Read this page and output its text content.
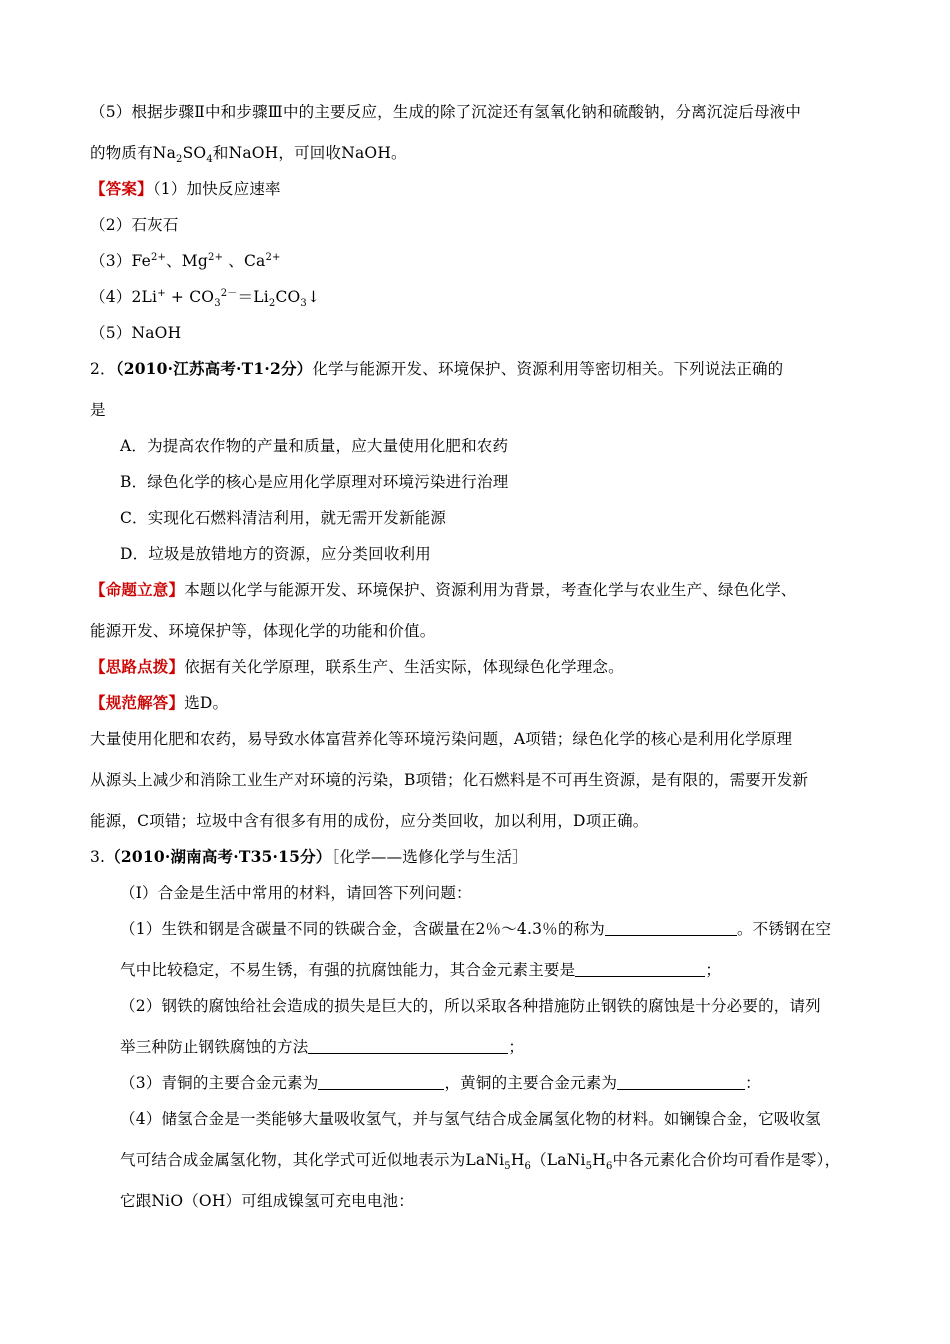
（5）根据步骤Ⅱ中和步骤Ⅲ中的主要反应，生成的除了沉淀还有氢氧化钠和硫酸钠，分离沉淀后母液中
的物质有$Na_2SO_4$和NaOH，可回收NaOH。
【答案】（1）加快反应速率
（2）石灰石
$(3)Fe^{2+}$、$Mg^{2+}$ 、$Ca^{2+}$
$(4)2Li^+ + CO_3^{2-}=Li_2CO_3↓$
（5）NaOH
2．（2010·江苏高考·T1·2分）化学与能源开发、环境保护、资源利用等密切相关。下列说法正确的
是
A．为提高农作物的产量和质量，应大量使用化肥和农药
B．绿色化学的核心是应用化学原理对环境污染进行治理
C．实现化石燃料清洁利用，就无需开发新能源
D．垃圾是放错地方的资源，应分类回收利用
【命题立意】本题以化学与能源开发、环境保护、资源利用为背景，考查化学与农业生产、绿色化学、
能源开发、环境保护等，体现化学的功能和价值。
【思路点拨】依据有关化学原理，联系生产、生活实际，体现绿色化学理念。
【规范解答】选D。
大量使用化肥和农药，易导致水体富营养化等环境污染问题，A项错；绿色化学的核心是利用化学原理
从源头上减少和消除工业生产对环境的污染，B项错；化石燃料是不可再生资源，是有限的，需要开发新
能源，C项错；垃圾中含有很多有用的成份，应分类回收，加以利用，D项正确。
3.（2010·湖南高考·T35·15分）［化学——选修化学与生活］
（Ⅰ）合金是生活中常用的材料，请回答下列问题：
（1）生铁和钢是含碳量不同的铁碳合金，含碳量在2％～4.3％的称为	。不锈钢在空
气中比较稳定，不易生锈，有强的抗腐蚀能力，其合金元素主要是	；
（2）钢铁的腐蚀给社会造成的损失是巨大的，所以采取各种措施防止钢铁的腐蚀是十分必要的，请列
举三种防止钢铁腐蚀的方法	；
（3）青铜的主要合金元素为	，黄铜的主要合金元素为	：
（4）储氢合金是一类能够大量吸收氢气，并与氢气结合成金属氢化物的材料。如镧镍合金，它吸收氢
气可结合成金属氢化物，其化学式可近似地表示为$LaNi_5H_6(LaNi_5H_6$中各元素化合价均可看作是零），
它跟NiO（OH）可组成镍氢可充电电池：
